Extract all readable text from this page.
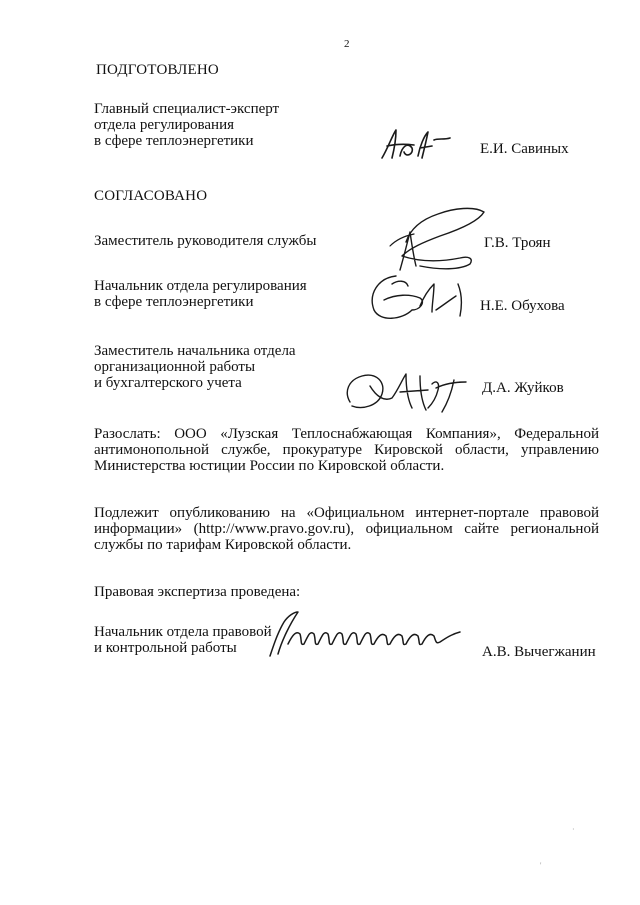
2

ПОДГОТОВЛЕНО

Главный специалист-эксперт
отдела регулирования
в сфере теплоэнергетики	Е.И. Савиных

СОГЛАСОВАНО

Заместитель руководителя службы	Г.В. Троян

Начальник отдела регулирования
в сфере теплоэнергетики	Н.Е. Обухова

Заместитель начальника отдела
организационной работы
и бухгалтерского учета	Д.А. Жуйков

Разослать: ООО «Лузская Теплоснабжающая Компания», Федеральной антимонопольной службе, прокуратуре Кировской области, управлению Министерства юстиции России по Кировской области.

Подлежит опубликованию на «Официальном интернет-портале правовой информации» (http://www.pravo.gov.ru), официальном сайте региональной службы по тарифам Кировской области.

Правовая экспертиза проведена:

Начальник отдела правовой
и контрольной работы	А.В. Вычегжанин

·
'
